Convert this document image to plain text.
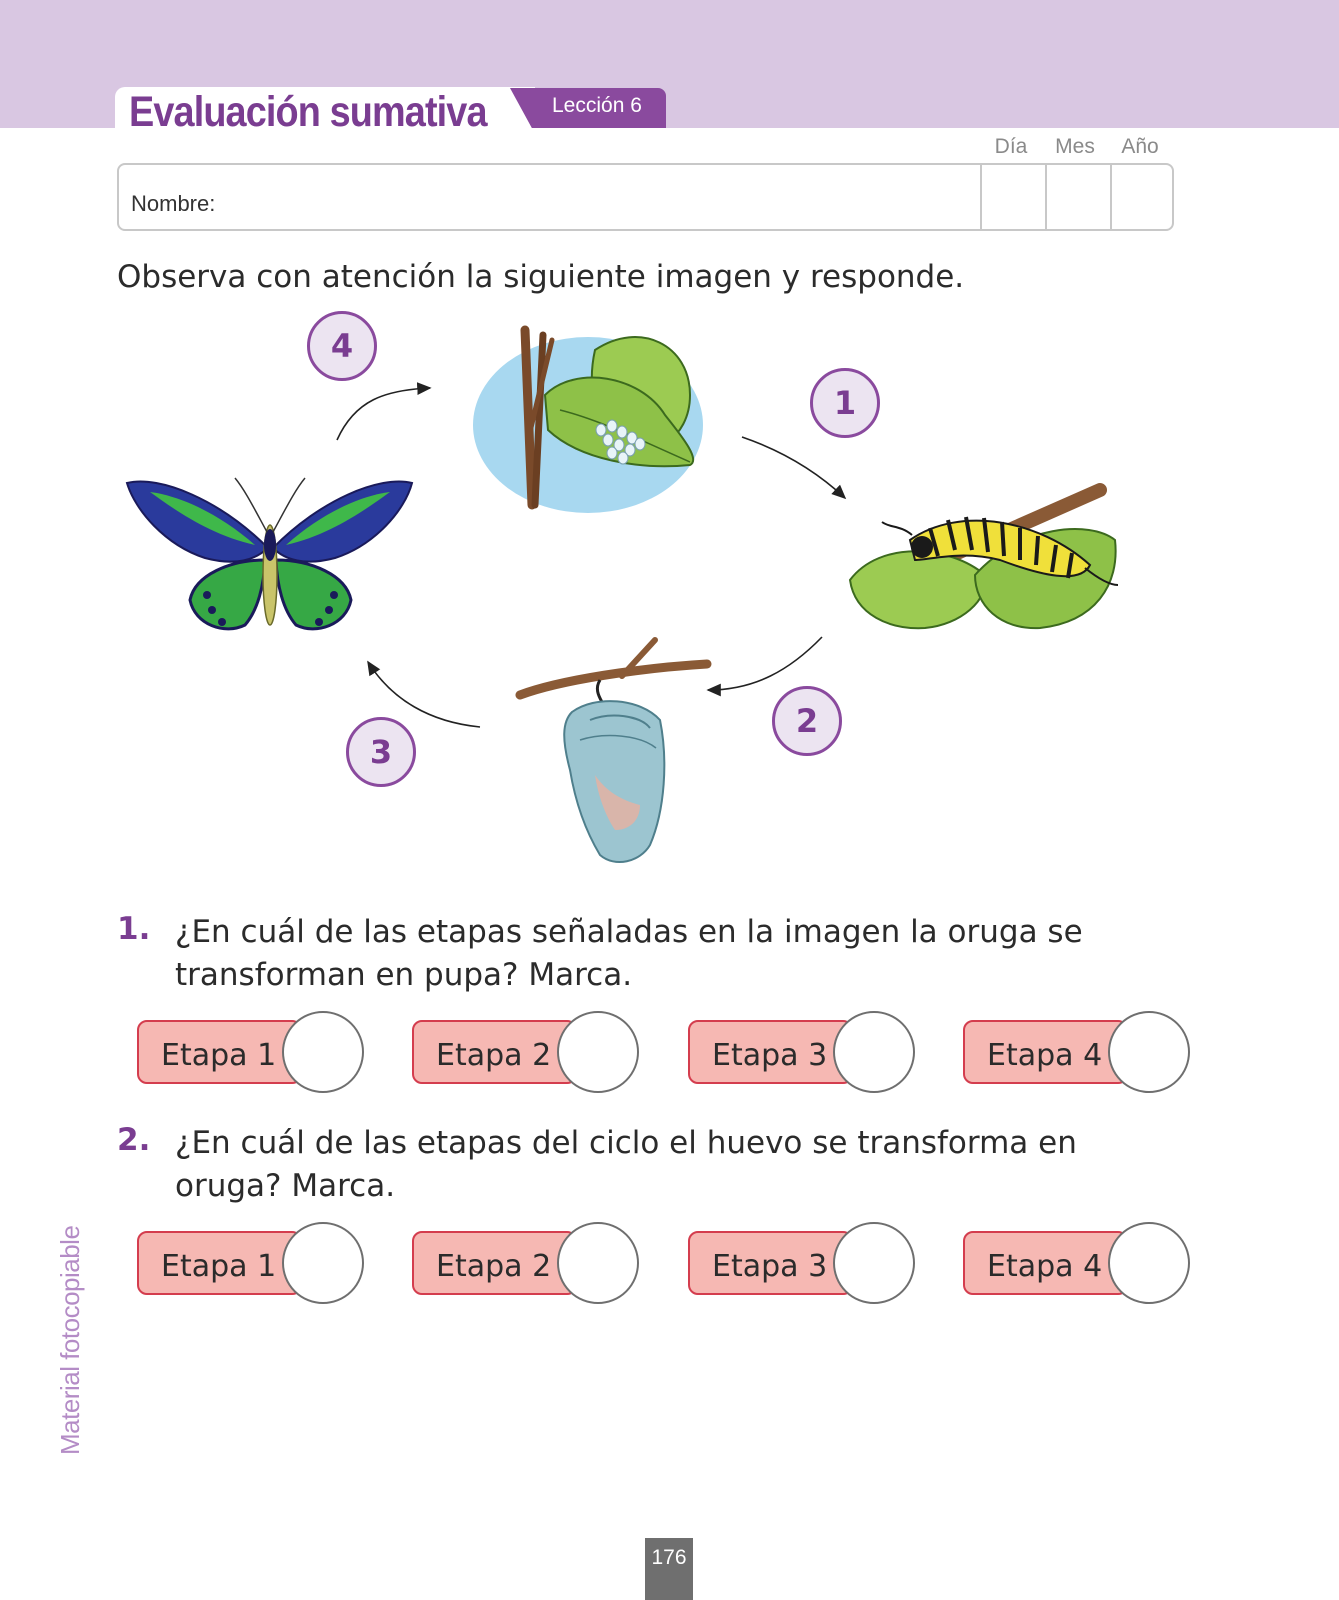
Evaluación sumativa	Lección 6
Día	Mes	Año
Nombre:
Observa con atención la siguiente imagen y responde.
1
2
3
4
1. ¿En cuál de las etapas señaladas en la imagen la oruga se transforman en pupa? Marca.
Etapa 1	Etapa 2	Etapa 3	Etapa 4
2. ¿En cuál de las etapas del ciclo el huevo se transforma en oruga? Marca.
Etapa 1	Etapa 2	Etapa 3	Etapa 4
Material fotocopiable
176
